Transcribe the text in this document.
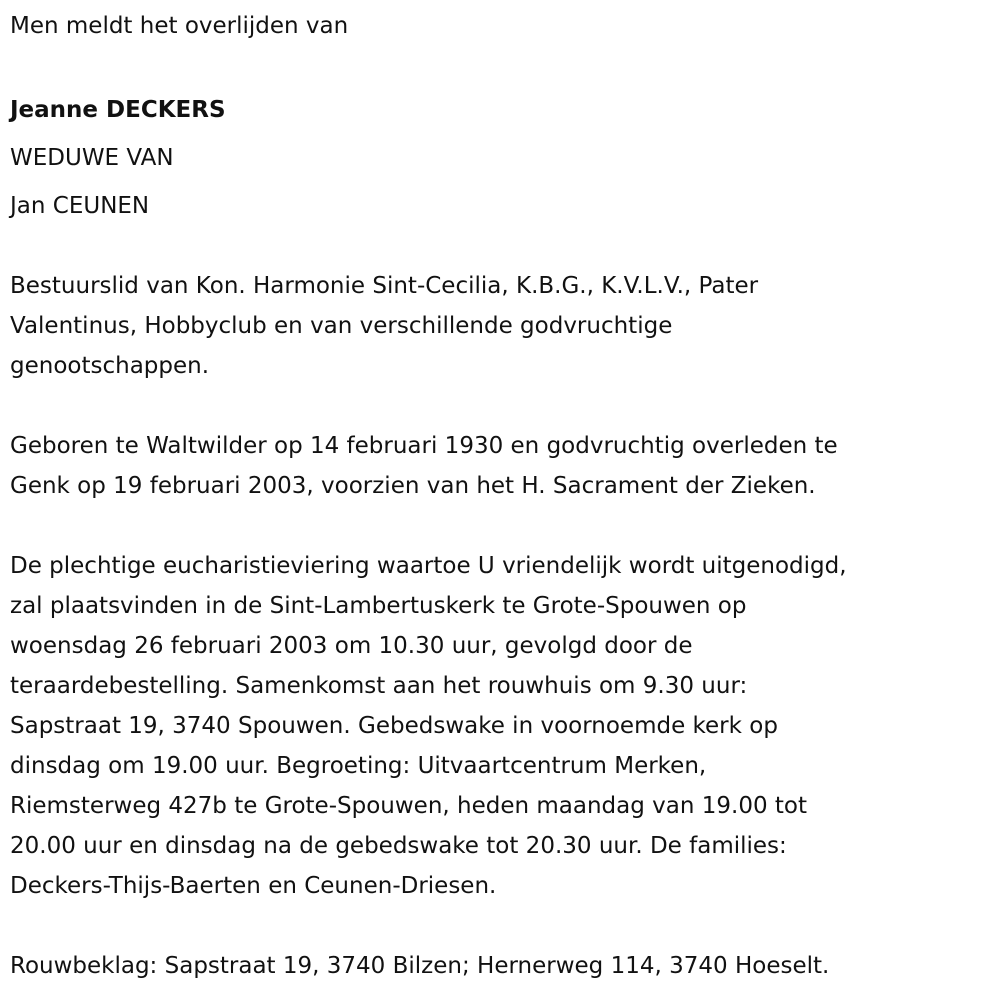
Men meldt het overlijden van

Jeanne DECKERS

WEDUWE VAN

Jan CEUNEN

Bestuurslid van Kon. Harmonie Sint-Cecilia, K.B.G., K.V.L.V., Pater

Valentinus, Hobbyclub en van verschillende godvruchtige

genootschappen.

Geboren te Waltwilder op 14 februari 1930 en godvruchtig overleden te

Genk op 19 februari 2003, voorzien van het H. Sacrament der Zieken.

De plechtige eucharistieviering waartoe U vriendelijk wordt uitgenodigd,

zal plaatsvinden in de Sint-Lambertuskerk te Grote-Spouwen op

woensdag 26 februari 2003 om 10.30 uur, gevolgd door de

teraardebestelling. Samenkomst aan het rouwhuis om 9.30 uur:

Sapstraat 19, 3740 Spouwen. Gebedswake in voornoemde kerk op

dinsdag om 19.00 uur. Begroeting: Uitvaartcentrum Merken,

Riemsterweg 427b te Grote-Spouwen, heden maandag van 19.00 tot

20.00 uur en dinsdag na de gebedswake tot 20.30 uur. De families:

Deckers-Thijs-Baerten en Ceunen-Driesen.

Rouwbeklag: Sapstraat 19, 3740 Bilzen; Hernerweg 114, 3740 Hoeselt.
